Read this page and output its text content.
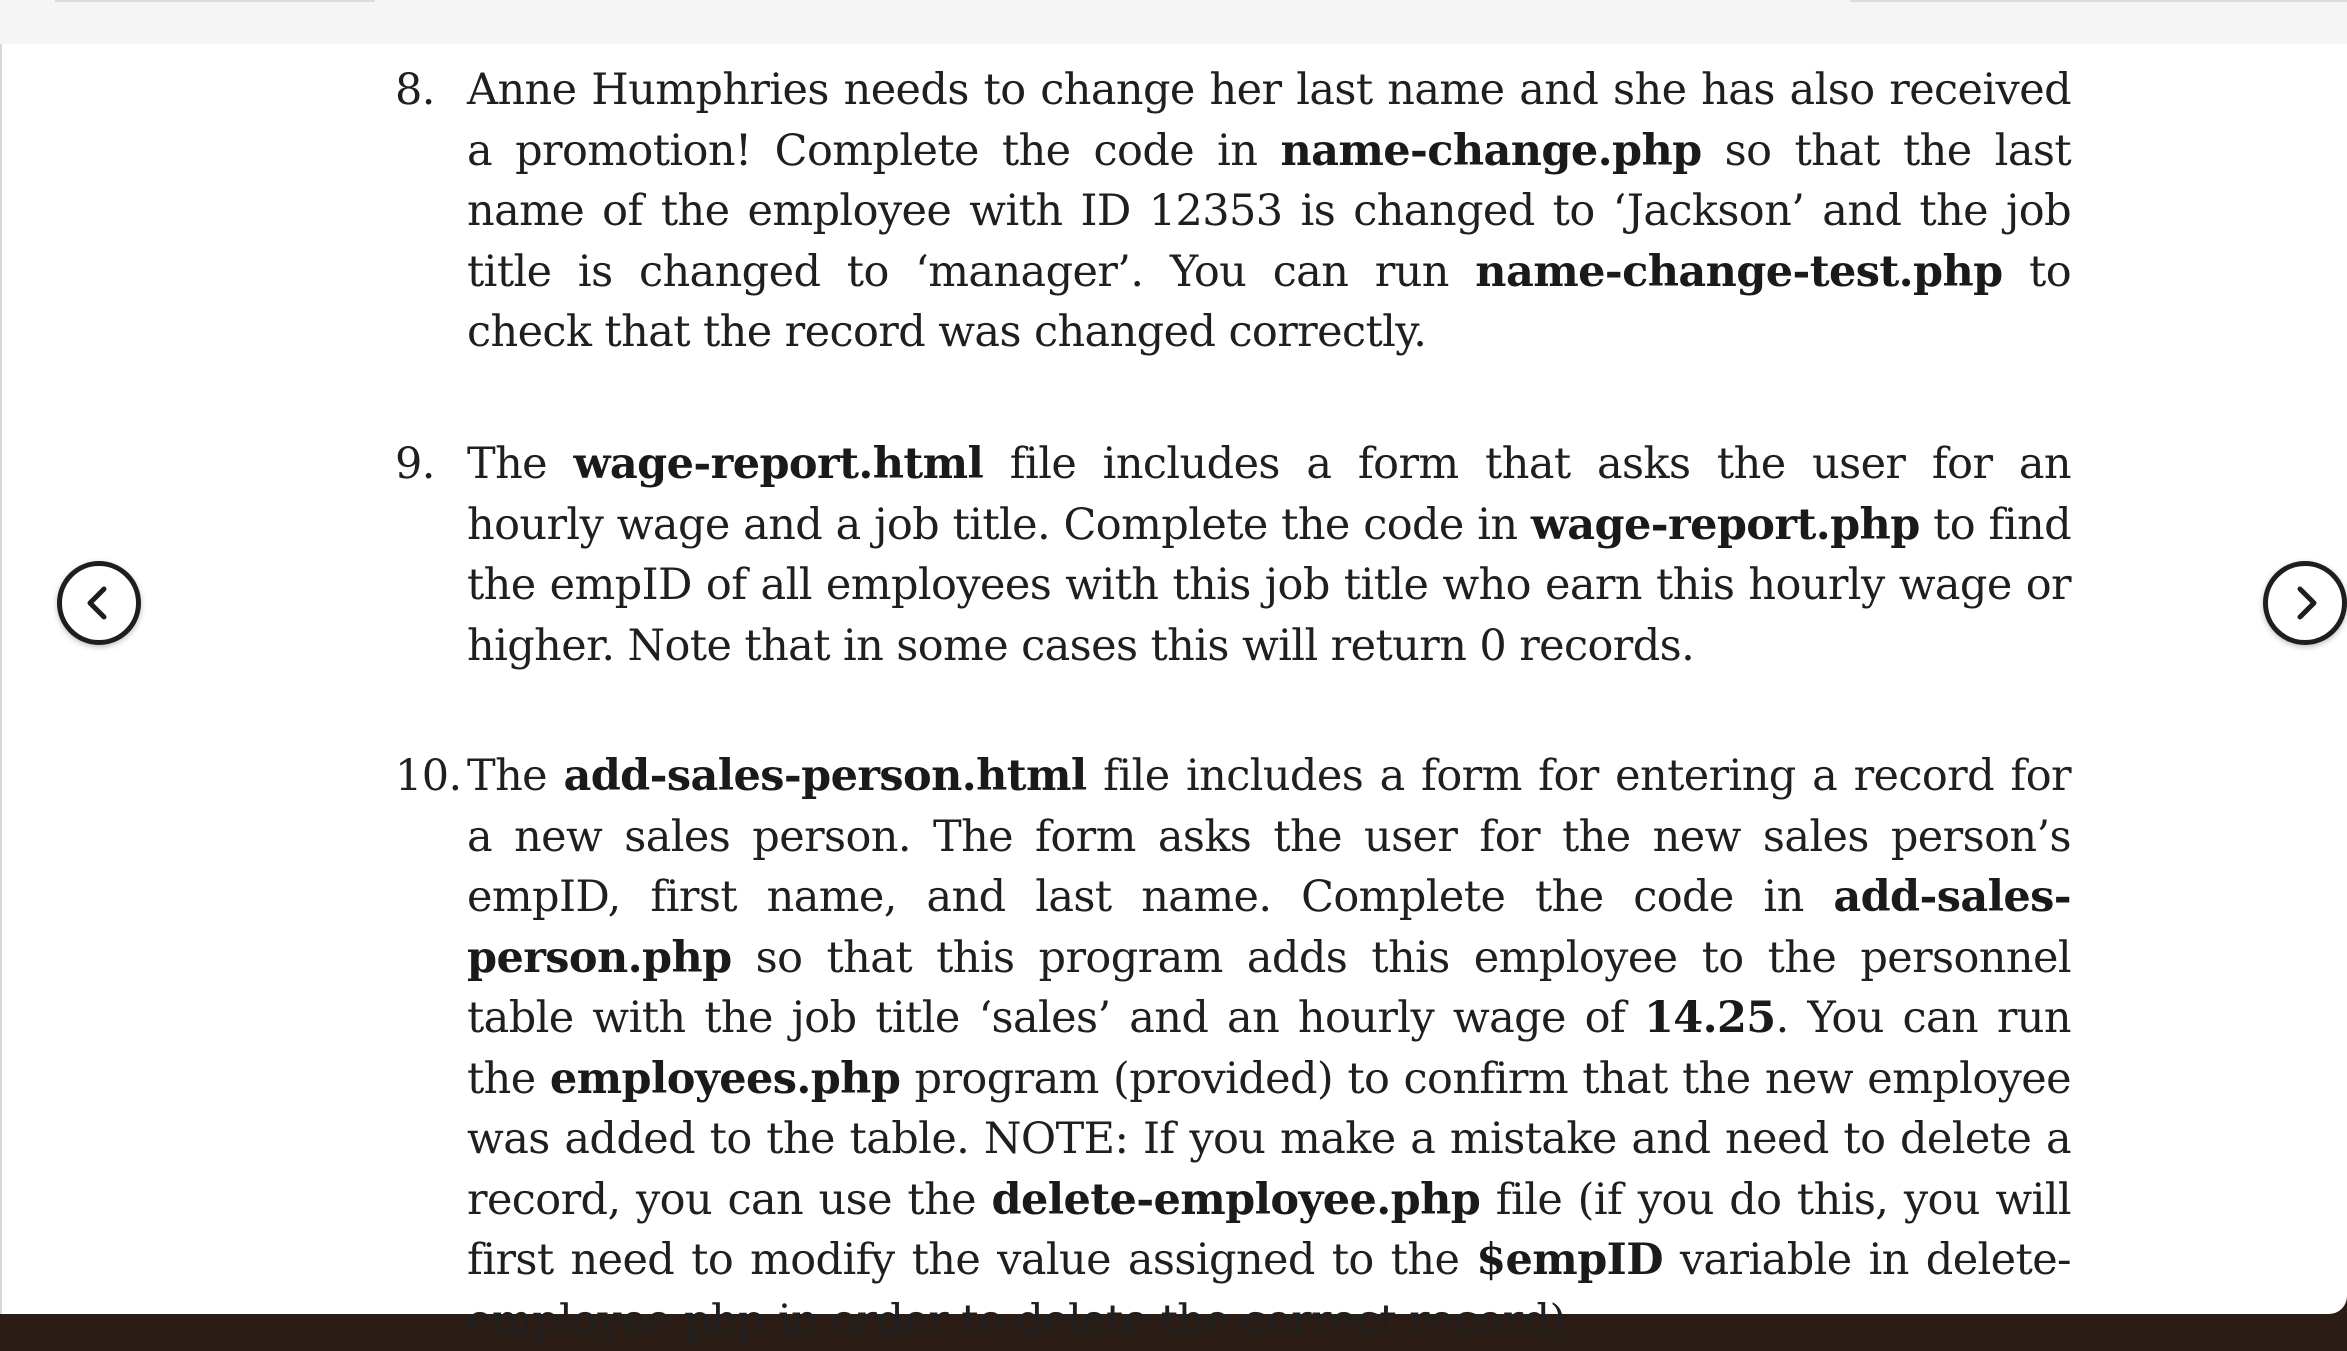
8. Anne Humphries needs to change her last name and she has also received a promotion! Complete the code in name-change.php so that the last name of the employee with ID 12353 is changed to ‘Jackson’ and the job title is changed to ‘manager’. You can run name-change-test.php to check that the record was changed correctly.
9. The wage-report.html file includes a form that asks the user for an hourly wage and a job title. Complete the code in wage-report.php to find the empID of all employees with this job title who earn this hourly wage or higher. Note that in some cases this will return 0 records.
10. The add-sales-person.html file includes a form for entering a record for a new sales person. The form asks the user for the new sales person’s empID, first name, and last name. Complete the code in add-sales-person.php so that this program adds this employee to the personnel table with the job title ‘sales’ and an hourly wage of 14.25. You can run the employees.php program (provided) to confirm that the new employee was added to the table. NOTE: If you make a mistake and need to delete a record, you can use the delete-employee.php file (if you do this, you will first need to modify the value assigned to the $empID variable in delete-employee.php in order to delete the correct record).
